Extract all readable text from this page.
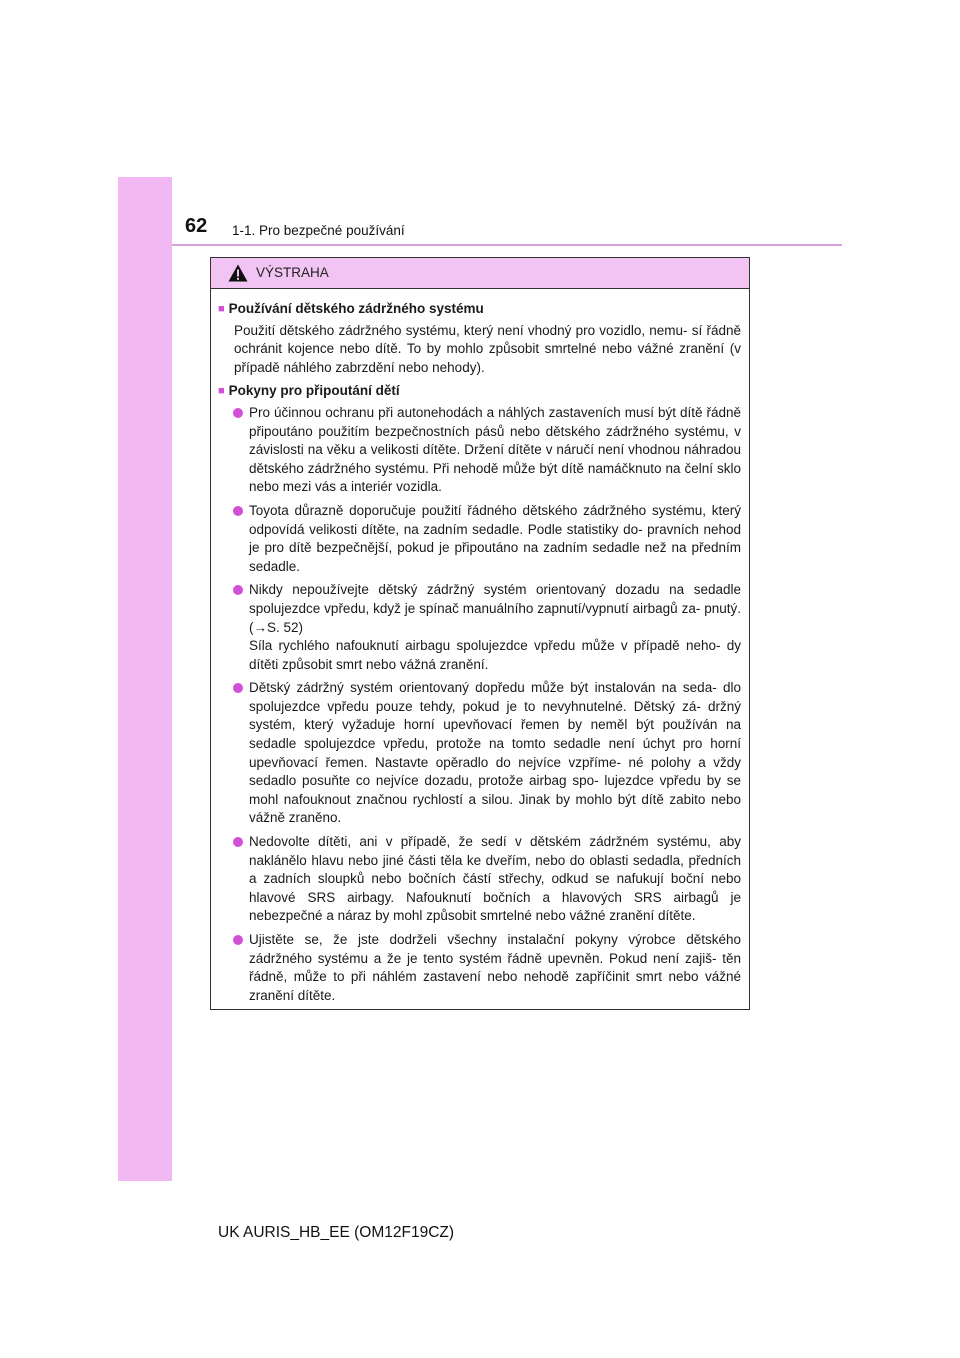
62 1-1. Pro bezpečné používání
VÝSTRAHA
■ Používání dětského zádržného systému

Použití dětského zádržného systému, který není vhodný pro vozidlo, nemu- sí řádně ochránit kojence nebo dítě. To by mohlo způsobit smrtelné nebo vážné zranění (v případě náhlého zabrzdění nebo nehody).

■ Pokyny pro připoutání dětí
Pro účinnou ochranu při autonehodách a náhlých zastaveních musí být dítě řádně připoutáno použitím bezpečnostních pásů nebo dětského zádržného systému, v závislosti na věku a velikosti dítěte. Držení dítěte v náručí není vhodnou náhradou dětského zádržného systému. Při nehodě může být dítě namáčknuto na čelní sklo nebo mezi vás a interiér vozidla.
Toyota důrazně doporučuje použití řádného dětského zádržného systému, který odpovídá velikosti dítěte, na zadním sedadle. Podle statistiky do- pravních nehod je pro dítě bezpečnější, pokud je připoutáno na zadním sedadle než na předním sedadle.
Nikdy nepoužívejte dětský zádržný systém orientovaný dozadu na sedadle spolujezdce vpředu, když je spínač manuálního zapnutí/vypnutí airbagů za- pnutý. (→S. 52)
Síla rychlého nafouknutí airbagu spolujezdce vpředu může v případě neho- dy dítěti způsobit smrt nebo vážná zranění.
Dětský zádržný systém orientovaný dopředu může být instalován na seda- dlo spolujezdce vpředu pouze tehdy, pokud je to nevyhnutelné. Dětský zá- držný systém, který vyžaduje horní upevňovací řemen by neměl být používán na sedadle spolujezdce vpředu, protože na tomto sedadle není úchyt pro horní upevňovací řemen. Nastavte opěradlo do nejvíce vzpříme- né polohy a vždy sedadlo posuňte co nejvíce dozadu, protože airbag spo- lujezdce vpředu by se mohl nafouknout značnou rychlostí a silou. Jinak by mohlo být dítě zabito nebo vážně zraněno.
Nedovolte dítěti, ani v případě, že sedí v dětském zádržném systému, aby naklánělo hlavu nebo jiné části těla ke dveřím, nebo do oblasti sedadla, předních a zadních sloupků nebo bočních částí střechy, odkud se nafukují boční nebo hlavové SRS airbagy. Nafouknutí bočních a hlavových SRS airbagů je nebezpečné a náraz by mohl způsobit smrtelné nebo vážné zranění dítěte.
Ujistěte se, že jste dodrželi všechny instalační pokyny výrobce dětského zádržného systému a že je tento systém řádně upevněn. Pokud není zajiš- těn řádně, může to při náhlém zastavení nebo nehodě zapříčinit smrt nebo vážné zranění dítěte.
UK AURIS_HB_EE (OM12F19CZ)
